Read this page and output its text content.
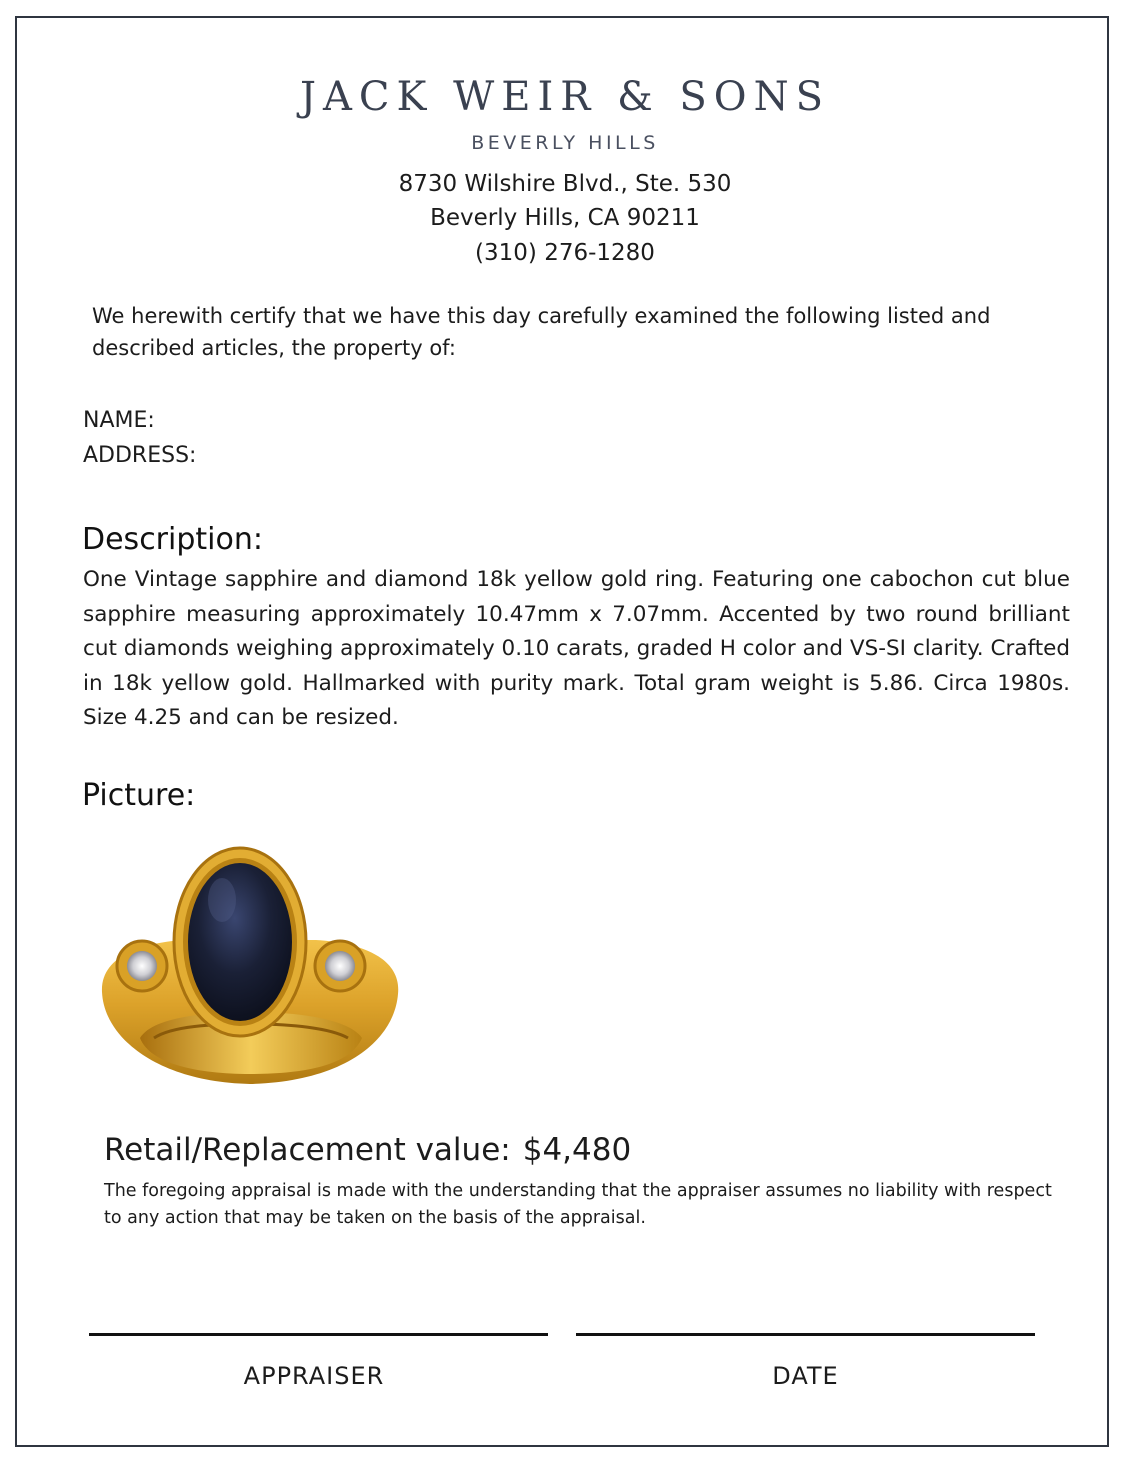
JACK WEIR & SONS
BEVERLY HILLS
8730 Wilshire Blvd., Ste. 530
Beverly Hills, CA 90211
(310) 276-1280
We herewith certify that we have this day carefully examined the following listed and described articles, the property of:
NAME:
ADDRESS:
Description:
One Vintage sapphire and diamond 18k yellow gold ring. Featuring one cabochon cut blue sapphire measuring approximately 10.47mm x 7.07mm. Accented by two round brilliant cut diamonds weighing approximately 0.10 carats, graded H color and VS-SI clarity. Crafted in 18k yellow gold. Hallmarked with purity mark. Total gram weight is 5.86. Circa 1980s. Size 4.25 and can be resized.
Picture:
Retail/Replacement value: $4,480
The foregoing appraisal is made with the understanding that the appraiser assumes no liability with respect to any action that may be taken on the basis of the appraisal.
APPRAISER	DATE
